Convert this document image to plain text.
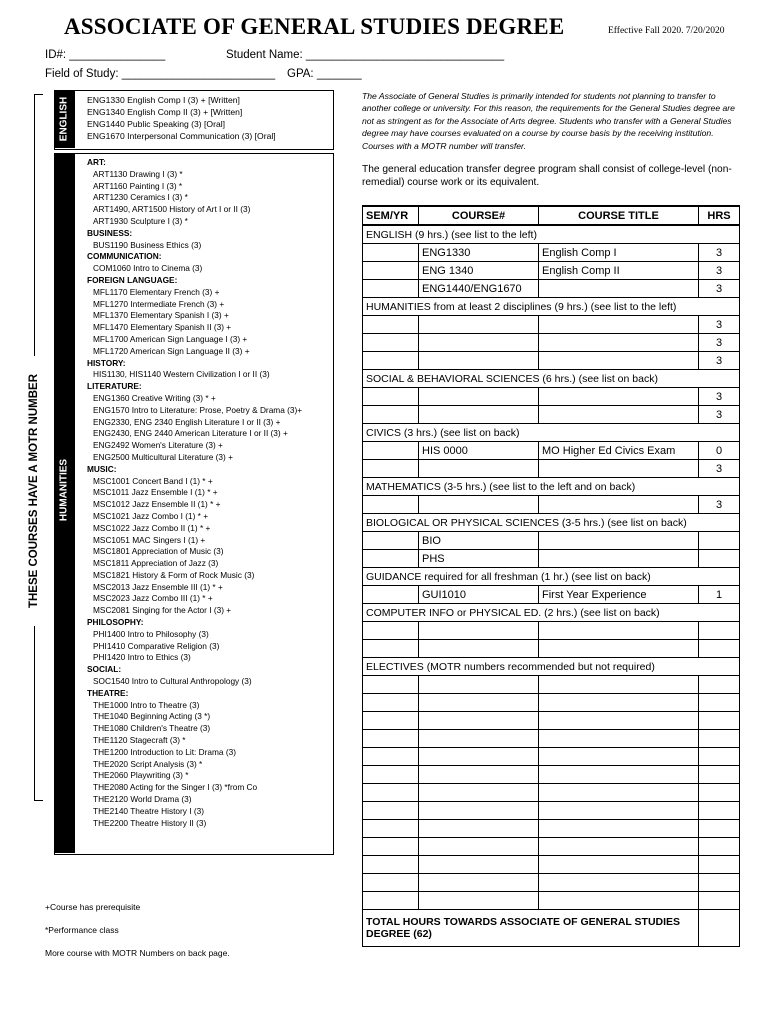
ASSOCIATE OF GENERAL STUDIES DEGREE	Effective Fall 2020. 7/20/2020
ID#: _______________	Student Name: _______________________________
Field of Study: ________________________ GPA: _______
THESE COURSES HAVE A MOTR NUMBER
ENGLISH ENG1330 English Comp I (3) + [Written]
ENG1340 English Comp II (3) + [Written]
ENG1440 Public Speaking (3) [Oral]
ENG1670 Interpersonal Communication (3) [Oral]
HUMANITIES
ART:
ART1130 Drawing I (3) *
ART1160 Painting I (3) *
ART1230 Ceramics I (3) *
ART1490, ART1500 History of Art I or II (3)
ART1930 Sculpture I (3) *
BUSINESS:
BUS1190 Business Ethics (3)
COMMUNICATION:
COM1060 Intro to Cinema (3)
FOREIGN LANGUAGE:
MFL1170 Elementary French (3) +
MFL1270 Intermediate French (3) +
MFL1370 Elementary Spanish I (3) +
MFL1470 Elementary Spanish II (3) +
MFL1700 American Sign Language I (3) +
MFL1720 American Sign Language II (3) +
HISTORY:
HIS1130, HIS1140 Western Civilization I or II (3)
LITERATURE:
ENG1360 Creative Writing (3) * +
ENG1570 Intro to Literature: Prose, Poetry & Drama (3)+
ENG2330, ENG 2340 English Literature I or II (3) +
ENG2430, ENG 2440 American Literature I or II (3) +
ENG2492 Women's Literature (3) +
ENG2500 Multicultural Literature (3) +
MUSIC:
MSC1001 Concert Band I (1) * +
MSC1011 Jazz Ensemble I (1) * +
MSC1012 Jazz Ensemble II (1) * +
MSC1021 Jazz Combo I (1) * +
MSC1022 Jazz Combo II (1) * +
MSC1051 MAC Singers I (1) +
MSC1801 Appreciation of Music (3)
MSC1811 Appreciation of Jazz (3)
MSC1821 History & Form of Rock Music (3)
MSC2013 Jazz Ensemble III (1) * +
MSC2023 Jazz Combo III (1) * +
MSC2081 Singing for the Actor I (3) +
PHILOSOPHY:
PHI1400 Intro to Philosophy (3)
PHI1410 Comparative Religion (3)
PHI1420 Intro to Ethics (3)
SOCIAL:
SOC1540 Intro to Cultural Anthropology (3)
THEATRE:
THE1000 Intro to Theatre (3)
THE1040 Beginning Acting (3 *)
THE1080 Children's Theatre (3)
THE1120 Stagecraft (3) *
THE1200 Introduction to Lit: Drama (3)
THE2020 Script Analysis (3) *
THE2060 Playwriting (3) *
THE2080 Acting for the Singer I (3) *from Co
THE2120 World Drama (3)
THE2140 Theatre History I (3)
THE2200 Theatre History II (3)
+Course has prerequisite
*Performance class
More course with MOTR Numbers on back page.
The Associate of General Studies is primarily intended for students not planning to transfer to another college or university. For this reason, the requirements for the General Studies degree are not as stringent as for the Associate of Arts degree. Students who transfer with a General Studies degree may have courses evaluated on a course by course basis by the receiving institution. Courses with a MOTR number will transfer.
The general education transfer degree program shall consist of college-level (non-remedial) course work or its equivalent.
SEM/YR	COURSE#	COURSE TITLE	HRS
ENGLISH (9 hrs.) (see list to the left)			
	ENG1330	English Comp I	3
	ENG 1340	English Comp II	3
	ENG1440/ENG1670		3
HUMANITIES from at least 2 disciplines (9 hrs.) (see list to the left)			
			3
			3
			3
SOCIAL & BEHAVIORAL SCIENCES (6 hrs.) (see list on back)			
			3
			3
CIVICS (3 hrs.) (see list on back)			
	HIS 0000	MO Higher Ed Civics Exam	0
			3
MATHEMATICS (3-5 hrs.) (see list to the left and on back)			
			3
BIOLOGICAL OR PHYSICAL SCIENCES (3-5 hrs.) (see list on back)			
	BIO		
	PHS		
GUIDANCE required for all freshman (1 hr.) (see list on back)			
	GUI1010	First Year Experience	1
COMPUTER INFO or PHYSICAL ED. (2 hrs.) (see list on back)			

ELECTIVES (MOTR numbers recommended but not required)			

TOTAL HOURS TOWARDS ASSOCIATE OF GENERAL STUDIES DEGREE (62)			
